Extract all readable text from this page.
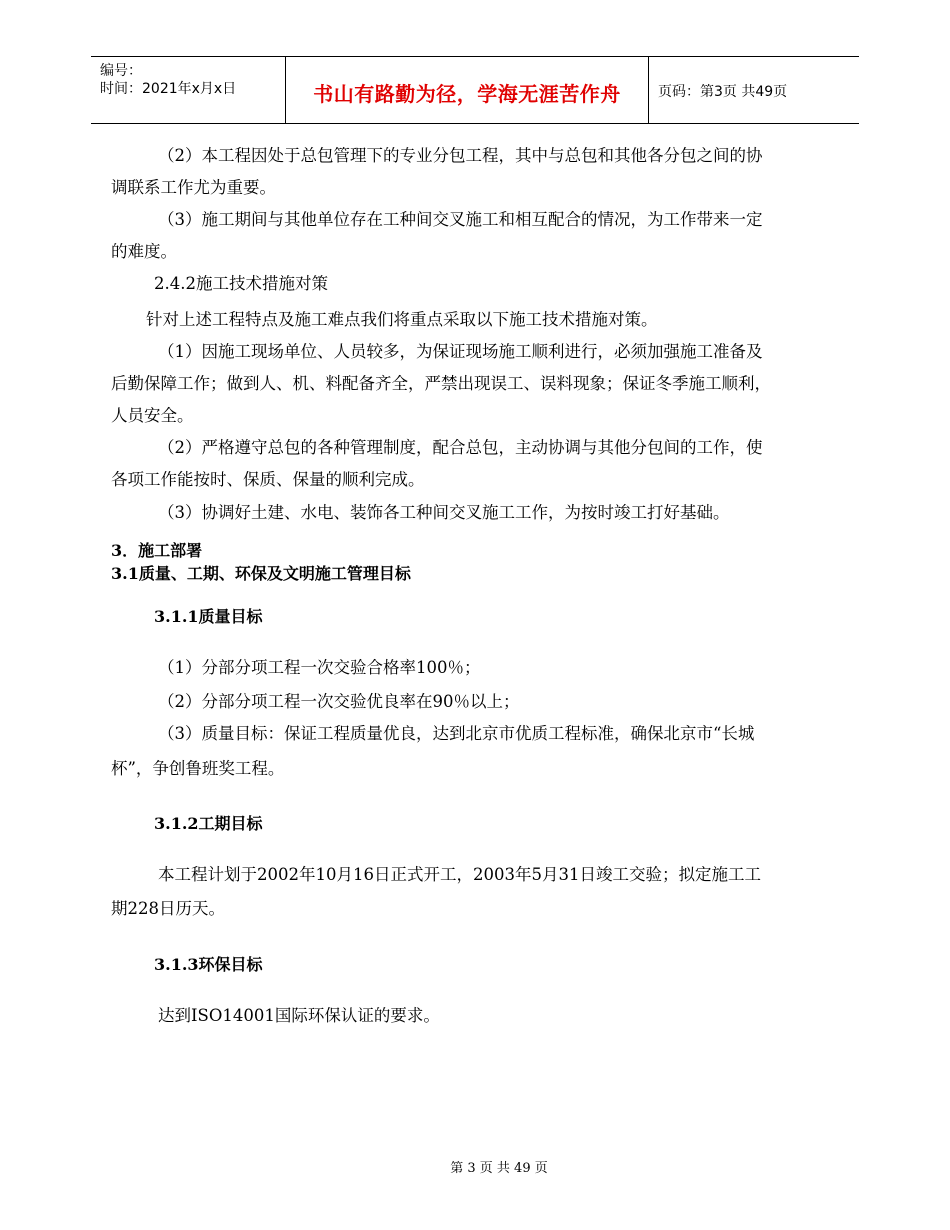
编号：
时间：2021年x月x日	书山有路勤为径，学海无涯苦作舟	页码：第3页 共49页
（2）本工程因处于总包管理下的专业分包工程，其中与总包和其他各分包之间的协
调联系工作尤为重要。
（3）施工期间与其他单位存在工种间交叉施工和相互配合的情况，为工作带来一定
的难度。
2.4.2施工技术措施对策
针对上述工程特点及施工难点我们将重点采取以下施工技术措施对策。
（1）因施工现场单位、人员较多，为保证现场施工顺利进行，必须加强施工准备及
后勤保障工作；做到人、机、料配备齐全，严禁出现误工、误料现象；保证冬季施工顺利，
人员安全。
（2）严格遵守总包的各种管理制度，配合总包，主动协调与其他分包间的工作，使
各项工作能按时、保质、保量的顺利完成。
（3）协调好土建、水电、装饰各工种间交叉施工工作，为按时竣工打好基础。
3．施工部署
3.1质量、工期、环保及文明施工管理目标
3.1.1质量目标
（1）分部分项工程一次交验合格率100％；
（2）分部分项工程一次交验优良率在90％以上；
（3）质量目标：保证工程质量优良，达到北京市优质工程标准，确保北京市“长城
杯”，争创鲁班奖工程。
3.1.2工期目标
本工程计划于2002年10月16日正式开工，2003年5月31日竣工交验；拟定施工工
期228日历天。
3.1.3环保目标
达到ISO14001国际环保认证的要求。
第 3 页 共 49 页
